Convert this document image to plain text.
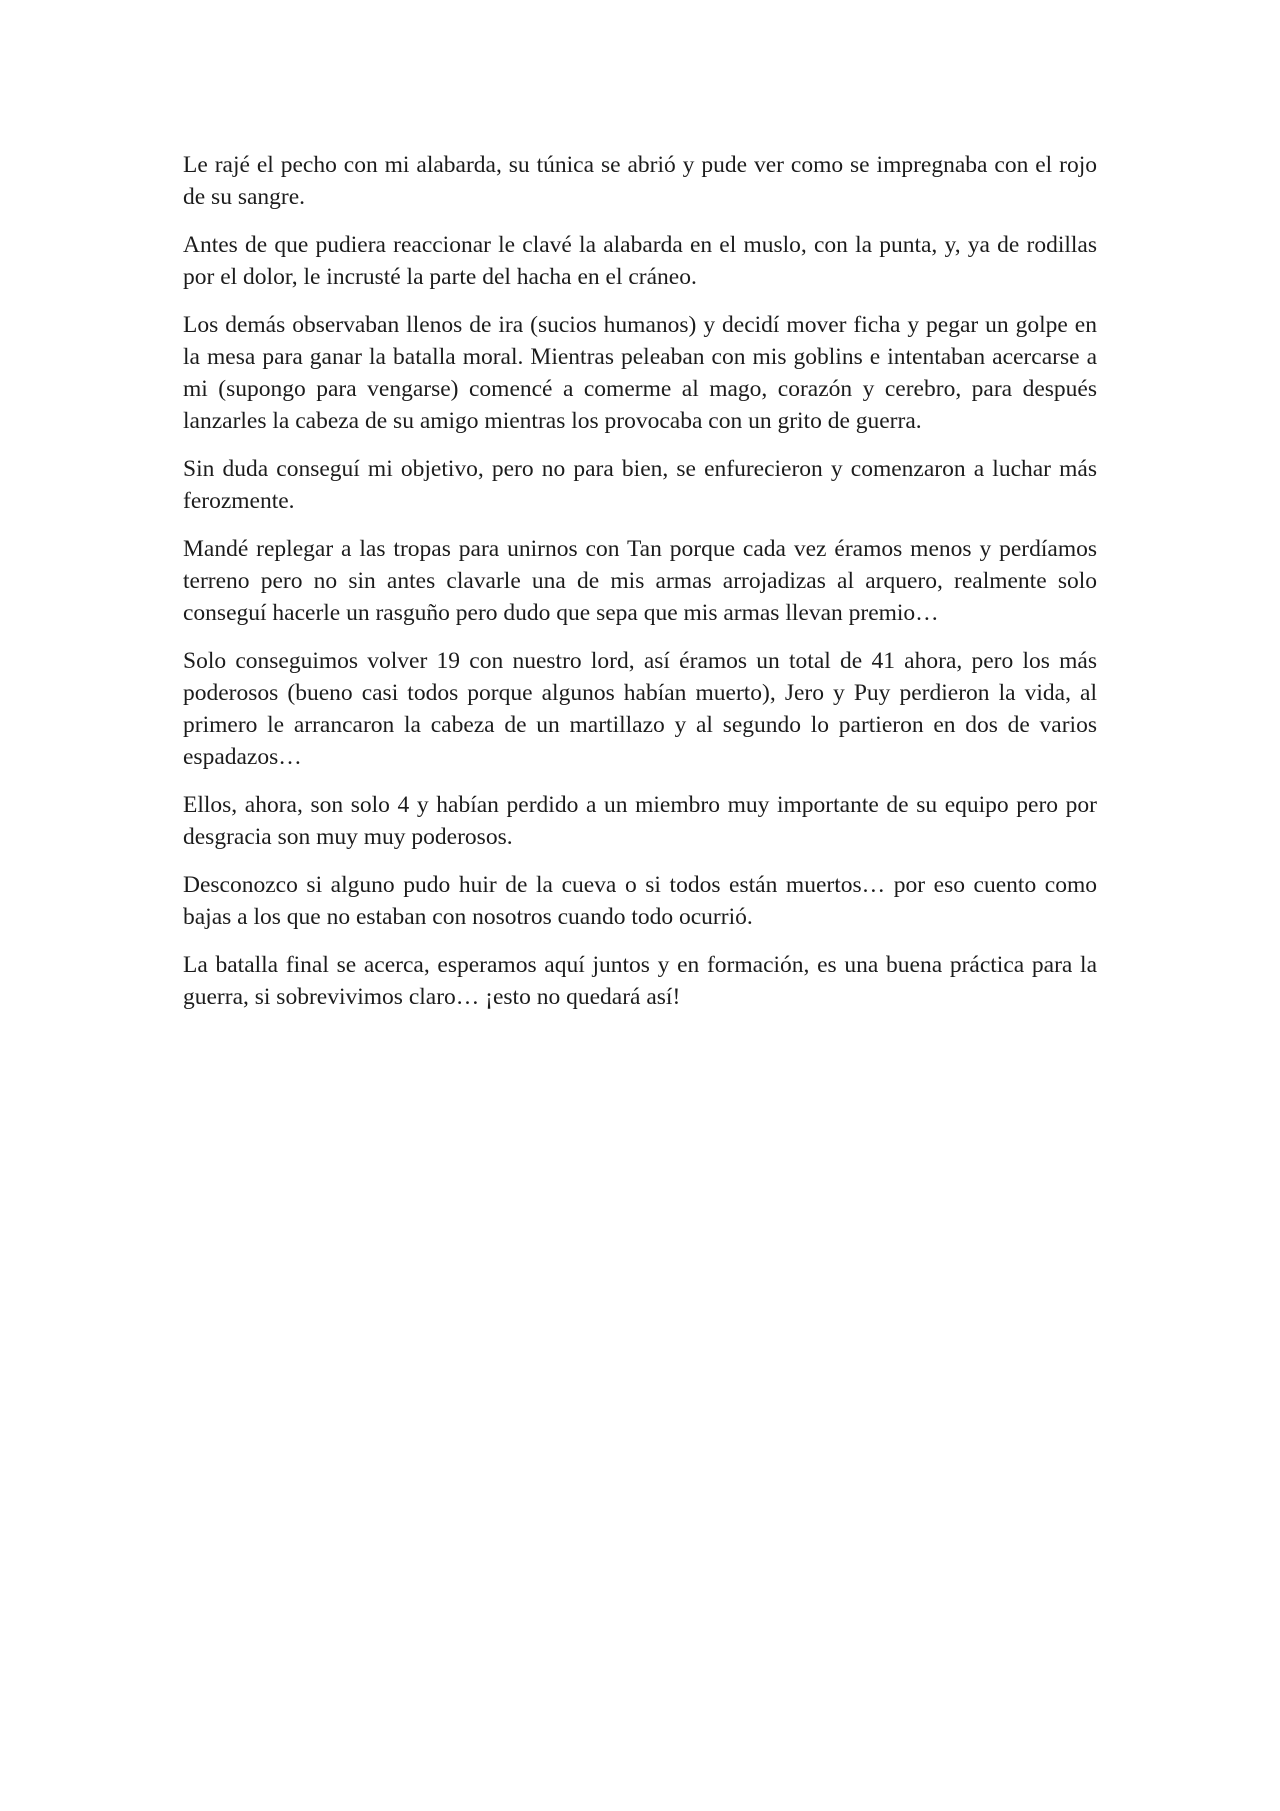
Le rajé el pecho con mi alabarda, su túnica se abrió y pude ver como se impregnaba con el rojo de su sangre.

Antes de que pudiera reaccionar le clavé la alabarda en el muslo, con la punta, y, ya de rodillas por el dolor, le incrusté la parte del hacha en el cráneo.

Los demás observaban llenos de ira (sucios humanos) y decidí mover ficha y pegar un golpe en la mesa para ganar la batalla moral. Mientras peleaban con mis goblins e intentaban acercarse a mi (supongo para vengarse) comencé a comerme al mago, corazón y cerebro, para después lanzarles la cabeza de su amigo mientras los provocaba con un grito de guerra.

Sin duda conseguí mi objetivo, pero no para bien, se enfurecieron y comenzaron a luchar más ferozmente.

Mandé replegar a las tropas para unirnos con Tan porque cada vez éramos menos y perdíamos terreno pero no sin antes clavarle una de mis armas arrojadizas al arquero, realmente solo conseguí hacerle un rasguño pero dudo que sepa que mis armas llevan premio…

Solo conseguimos volver 19 con nuestro lord, así éramos un total de 41 ahora, pero los más poderosos (bueno casi todos porque algunos habían muerto), Jero y Puy perdieron la vida, al primero le arrancaron la cabeza de un martillazo y al segundo lo partieron en dos de varios espadazos…

Ellos, ahora, son solo 4 y habían perdido a un miembro muy importante de su equipo pero por desgracia son muy muy poderosos.

Desconozco si alguno pudo huir de la cueva o si todos están muertos… por eso cuento como bajas a los que no estaban con nosotros cuando todo ocurrió.

La batalla final se acerca, esperamos aquí juntos y en formación, es una buena práctica para la guerra, si sobrevivimos claro… ¡esto no quedará así!
